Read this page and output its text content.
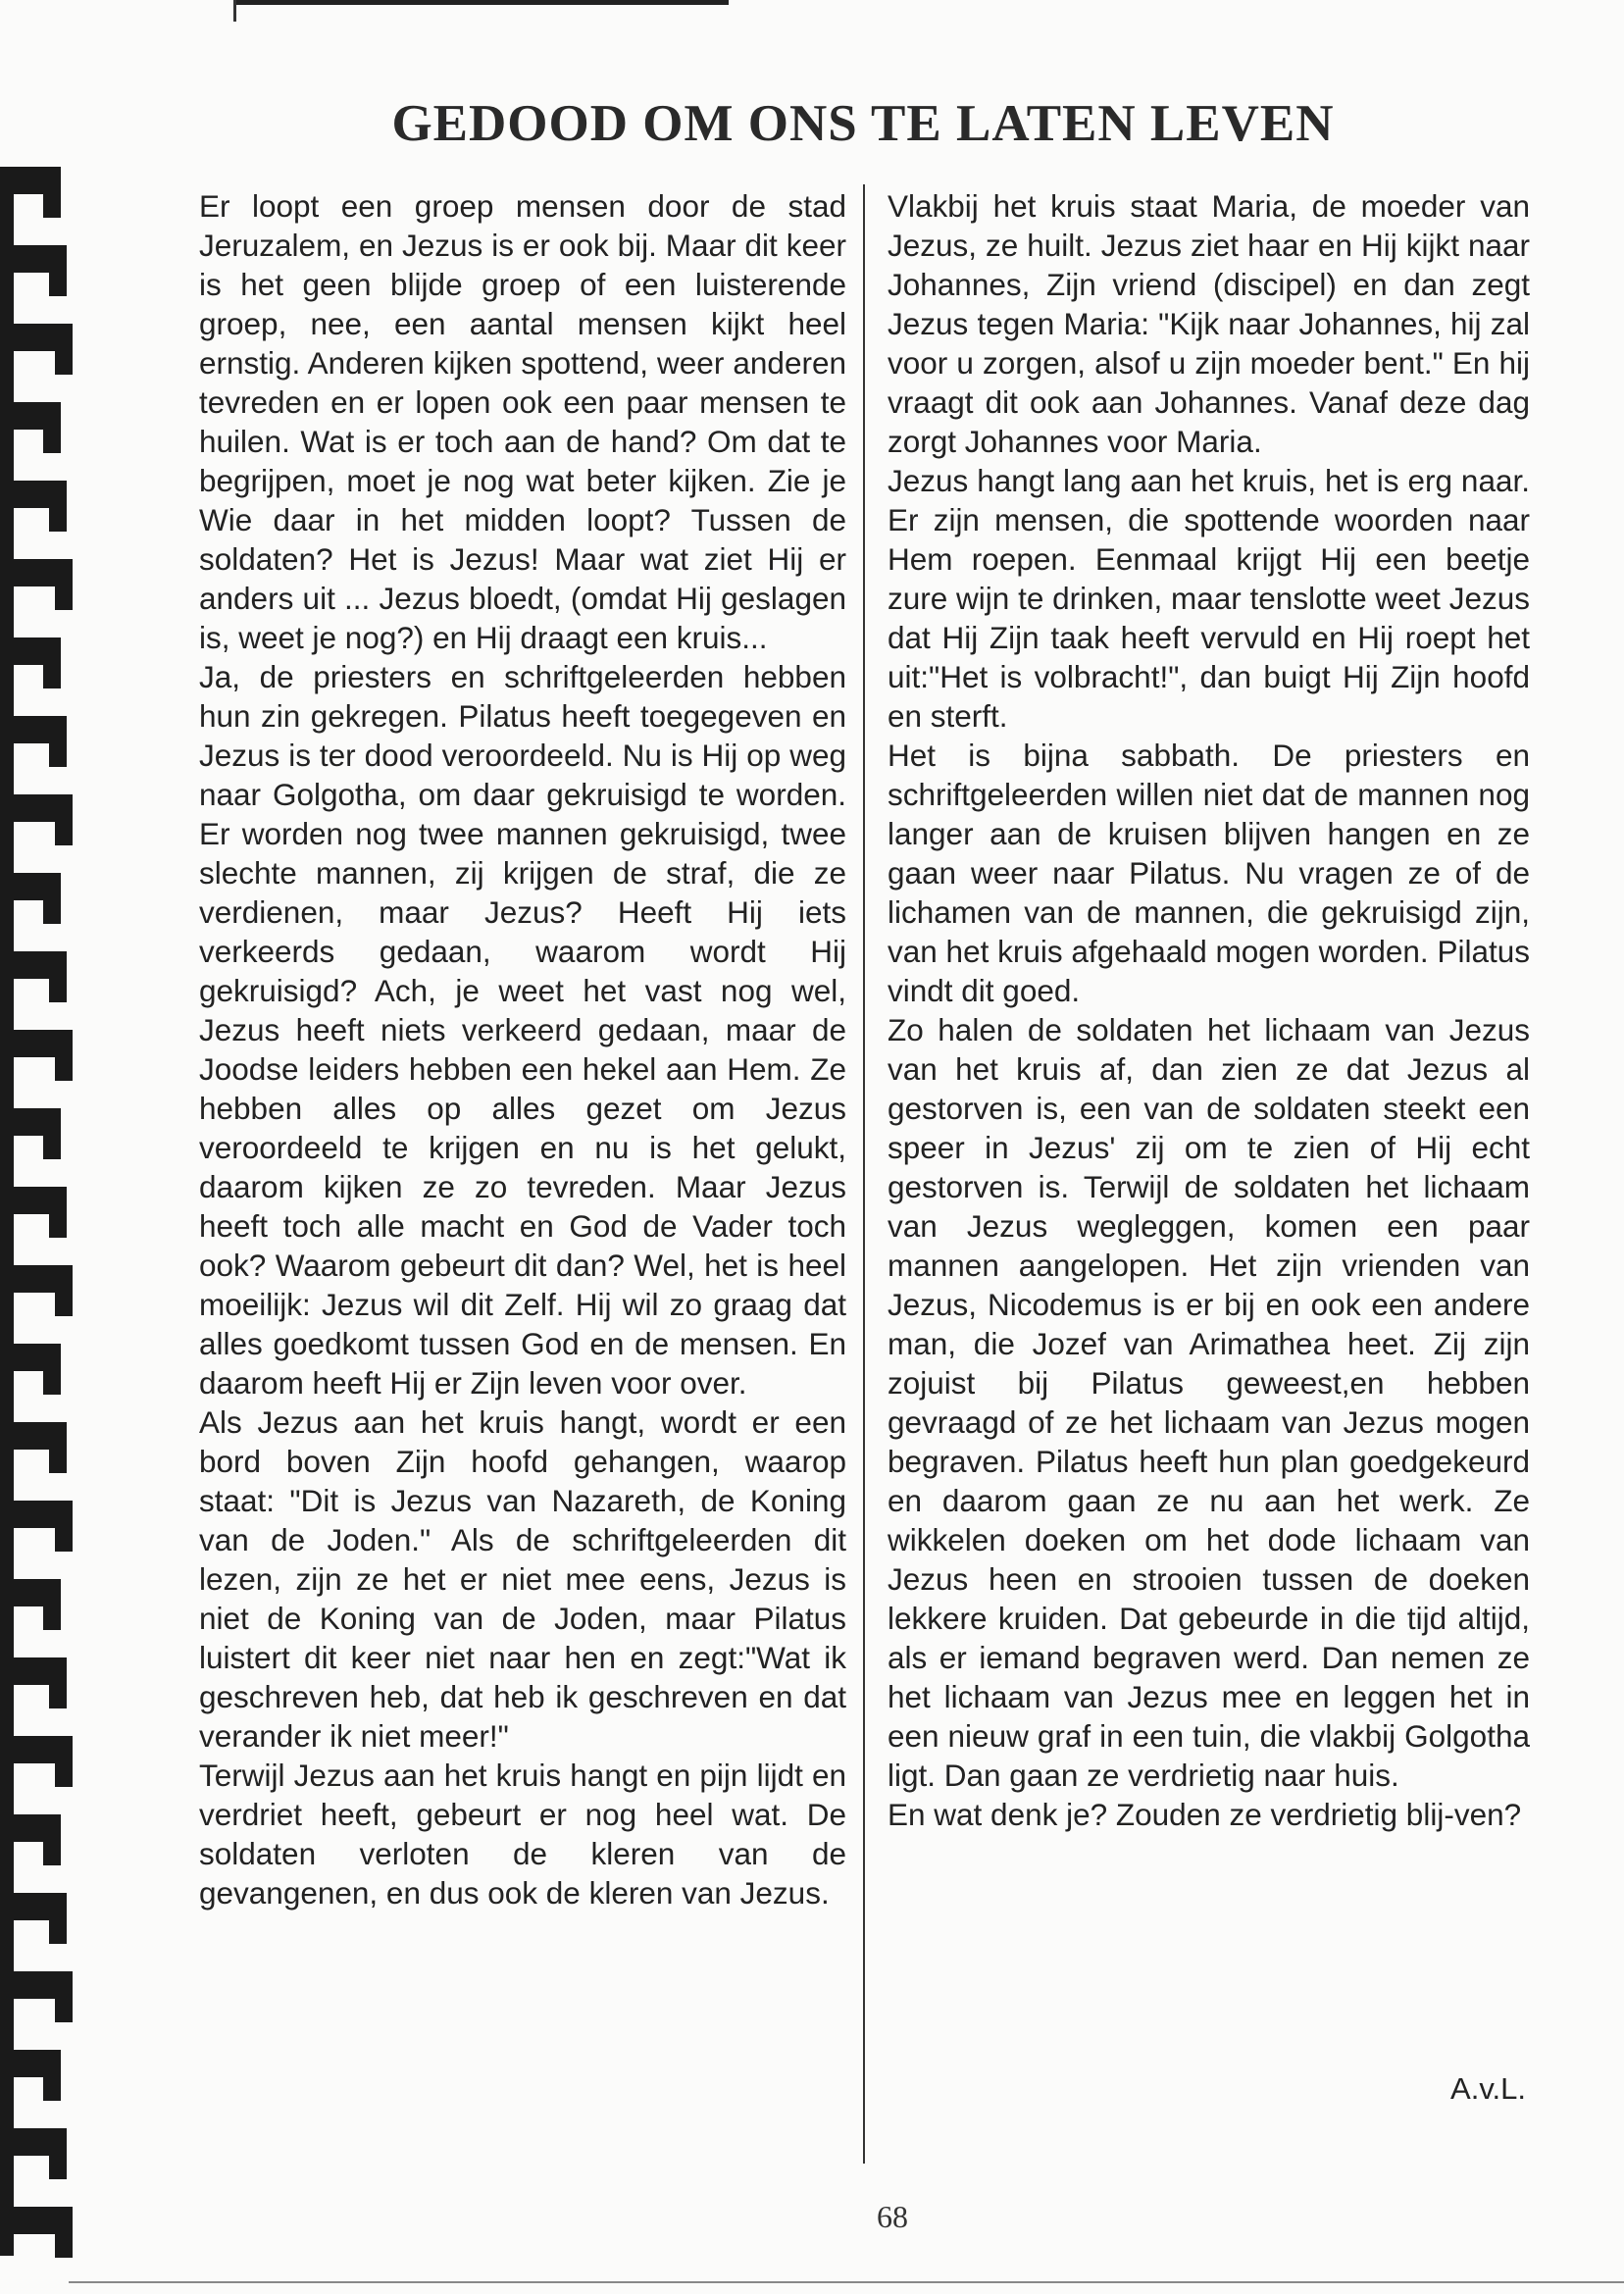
GEDOOD OM ONS TE LATEN LEVEN

Er loopt een groep mensen door de stad Jeruzalem, en Jezus is er ook bij. Maar dit keer is het geen blijde groep of een luisterende groep, nee, een aantal mensen kijkt heel ernstig. Anderen kijken spottend, weer anderen tevreden en er lopen ook een paar mensen te huilen. Wat is er toch aan de hand? Om dat te begrijpen, moet je nog wat beter kijken. Zie je Wie daar in het midden loopt? Tussen de soldaten? Het is Jezus! Maar wat ziet Hij er anders uit ... Jezus bloedt, (omdat Hij geslagen is, weet je nog?) en Hij draagt een kruis...

Ja, de priesters en schriftgeleerden hebben hun zin gekregen. Pilatus heeft toegegeven en Jezus is ter dood veroordeeld. Nu is Hij op weg naar Golgotha, om daar gekruisigd te worden. Er worden nog twee mannen gekruisigd, twee slechte mannen, zij krijgen de straf, die ze verdienen, maar Jezus? Heeft Hij iets verkeerds gedaan, waarom wordt Hij gekruisigd? Ach, je weet het vast nog wel, Jezus heeft niets verkeerd gedaan, maar de Joodse leiders hebben een hekel aan Hem. Ze hebben alles op alles gezet om Jezus veroordeeld te krijgen en nu is het gelukt, daarom kijken ze zo tevreden. Maar Jezus heeft toch alle macht en God de Vader toch ook? Waarom gebeurt dit dan? Wel, het is heel moeilijk: Jezus wil dit Zelf. Hij wil zo graag dat alles goedkomt tussen God en de mensen. En daarom heeft Hij er Zijn leven voor over.

Als Jezus aan het kruis hangt, wordt er een bord boven Zijn hoofd gehangen, waarop staat: "Dit is Jezus van Nazareth, de Koning van de Joden." Als de schriftgeleerden dit lezen, zijn ze het er niet mee eens, Jezus is niet de Koning van de Joden, maar Pilatus luistert dit keer niet naar hen en zegt:"Wat ik geschreven heb, dat heb ik geschreven en dat verander ik niet meer!"

Terwijl Jezus aan het kruis hangt en pijn lijdt en verdriet heeft, gebeurt er nog heel wat. De soldaten verloten de kleren van de gevangenen, en dus ook de kleren van Jezus.

Vlakbij het kruis staat Maria, de moeder van Jezus, ze huilt. Jezus ziet haar en Hij kijkt naar Johannes, Zijn vriend (discipel) en dan zegt Jezus tegen Maria: "Kijk naar Johannes, hij zal voor u zorgen, alsof u zijn moeder bent." En hij vraagt dit ook aan Johannes. Vanaf deze dag zorgt Johannes voor Maria.

Jezus hangt lang aan het kruis, het is erg naar. Er zijn mensen, die spottende woorden naar Hem roepen. Eenmaal krijgt Hij een beetje zure wijn te drinken, maar tenslotte weet Jezus dat Hij Zijn taak heeft vervuld en Hij roept het uit:"Het is volbracht!", dan buigt Hij Zijn hoofd en sterft.

Het is bijna sabbath. De priesters en schriftgeleerden willen niet dat de mannen nog langer aan de kruisen blijven hangen en ze gaan weer naar Pilatus. Nu vragen ze of de lichamen van de mannen, die gekruisigd zijn, van het kruis afgehaald mogen worden. Pilatus vindt dit goed.

Zo halen de soldaten het lichaam van Jezus van het kruis af, dan zien ze dat Jezus al gestorven is, een van de soldaten steekt een speer in Jezus' zij om te zien of Hij echt gestorven is. Terwijl de soldaten het lichaam van Jezus wegleggen, komen een paar mannen aangelopen. Het zijn vrienden van Jezus, Nicodemus is er bij en ook een andere man, die Jozef van Arimathea heet. Zij zijn zojuist bij Pilatus geweest,en hebben gevraagd of ze het lichaam van Jezus mogen begraven. Pilatus heeft hun plan goedgekeurd en daarom gaan ze nu aan het werk. Ze wikkelen doeken om het dode lichaam van Jezus heen en strooien tussen de doeken lekkere kruiden. Dat gebeurde in die tijd altijd, als er iemand begraven werd. Dan nemen ze het lichaam van Jezus mee en leggen het in een nieuw graf in een tuin, die vlakbij Golgotha ligt. Dan gaan ze verdrietig naar huis.

En wat denk je? Zouden ze verdrietig blij-ven?

A.v.L.
68
